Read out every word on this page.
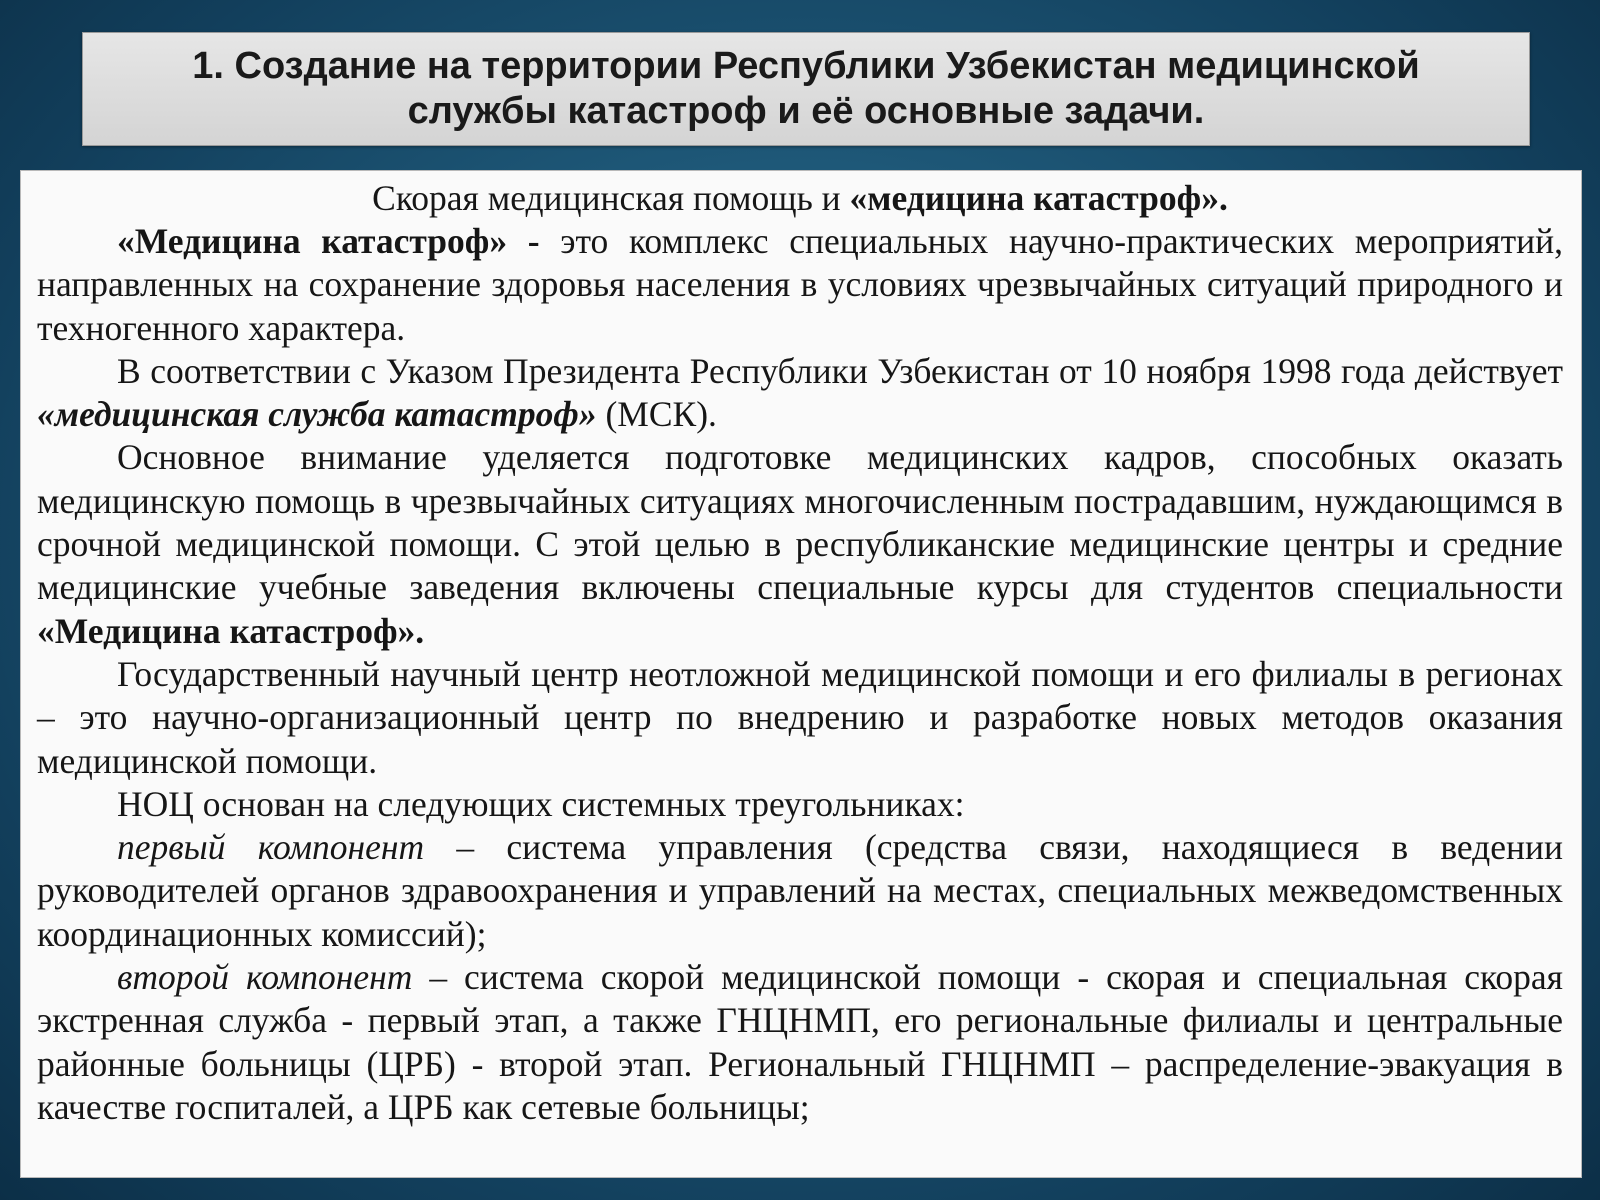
1. Создание на территории Республики Узбекистан медицинской
службы катастроф и её основные задачи.

Скорая медицинская помощь и «медицина катастроф».

«Медицина катастроф» - это комплекс специальных научно-практических мероприятий, направленных на сохранение здоровья населения в условиях чрезвычайных ситуаций природного и техногенного характера.

В соответствии с Указом Президента Республики Узбекистан от 10 ноября 1998 года действует «медицинская служба катастроф» (МСК).

Основное внимание уделяется подготовке медицинских кадров, способных оказать медицинскую помощь в чрезвычайных ситуациях многочисленным пострадавшим, нуждающимся в срочной медицинской помощи. С этой целью в республиканские медицинские центры и средние медицинские учебные заведения включены специальные курсы для студентов специальности «Медицина катастроф».

Государственный научный центр неотложной медицинской помощи и его филиалы в регионах – это научно-организационный центр по внедрению и разработке новых методов оказания медицинской помощи.

НОЦ основан на следующих системных треугольниках:

первый компонент – система управления (средства связи, находящиеся в ведении руководителей органов здравоохранения и управлений на местах, специальных межведомственных координационных комиссий);

второй компонент – система скорой медицинской помощи - скорая и специальная скорая экстренная служба - первый этап, а также ГНЦНМП, его региональные филиалы и центральные районные больницы (ЦРБ) - второй этап. Региональный ГНЦНМП – распределение-эвакуация в качестве госпиталей, а ЦРБ как сетевые больницы;
